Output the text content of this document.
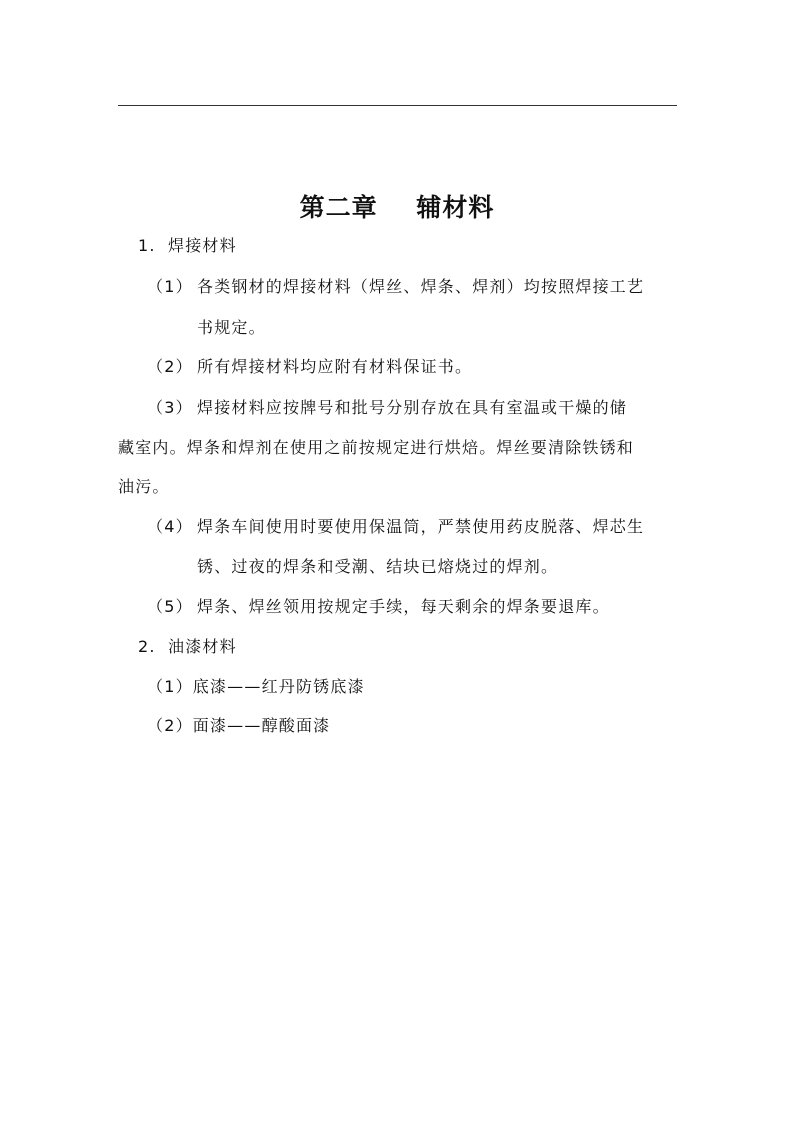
第二章    辅材料
1. 焊接材料
（1） 各类钢材的焊接材料（焊丝、焊条、焊剂）均按照焊接工艺
书规定。
（2） 所有焊接材料均应附有材料保证书。
（3） 焊接材料应按牌号和批号分别存放在具有室温或干燥的储
藏室内。焊条和焊剂在使用之前按规定进行烘焙。焊丝要清除铁锈和
油污。
（4） 焊条车间使用时要使用保温筒，严禁使用药皮脱落、焊芯生
锈、过夜的焊条和受潮、结块已熔烧过的焊剂。
（5） 焊条、焊丝领用按规定手续，每天剩余的焊条要退库。
2. 油漆材料
（1）底漆——红丹防锈底漆
（2）面漆——醇酸面漆
